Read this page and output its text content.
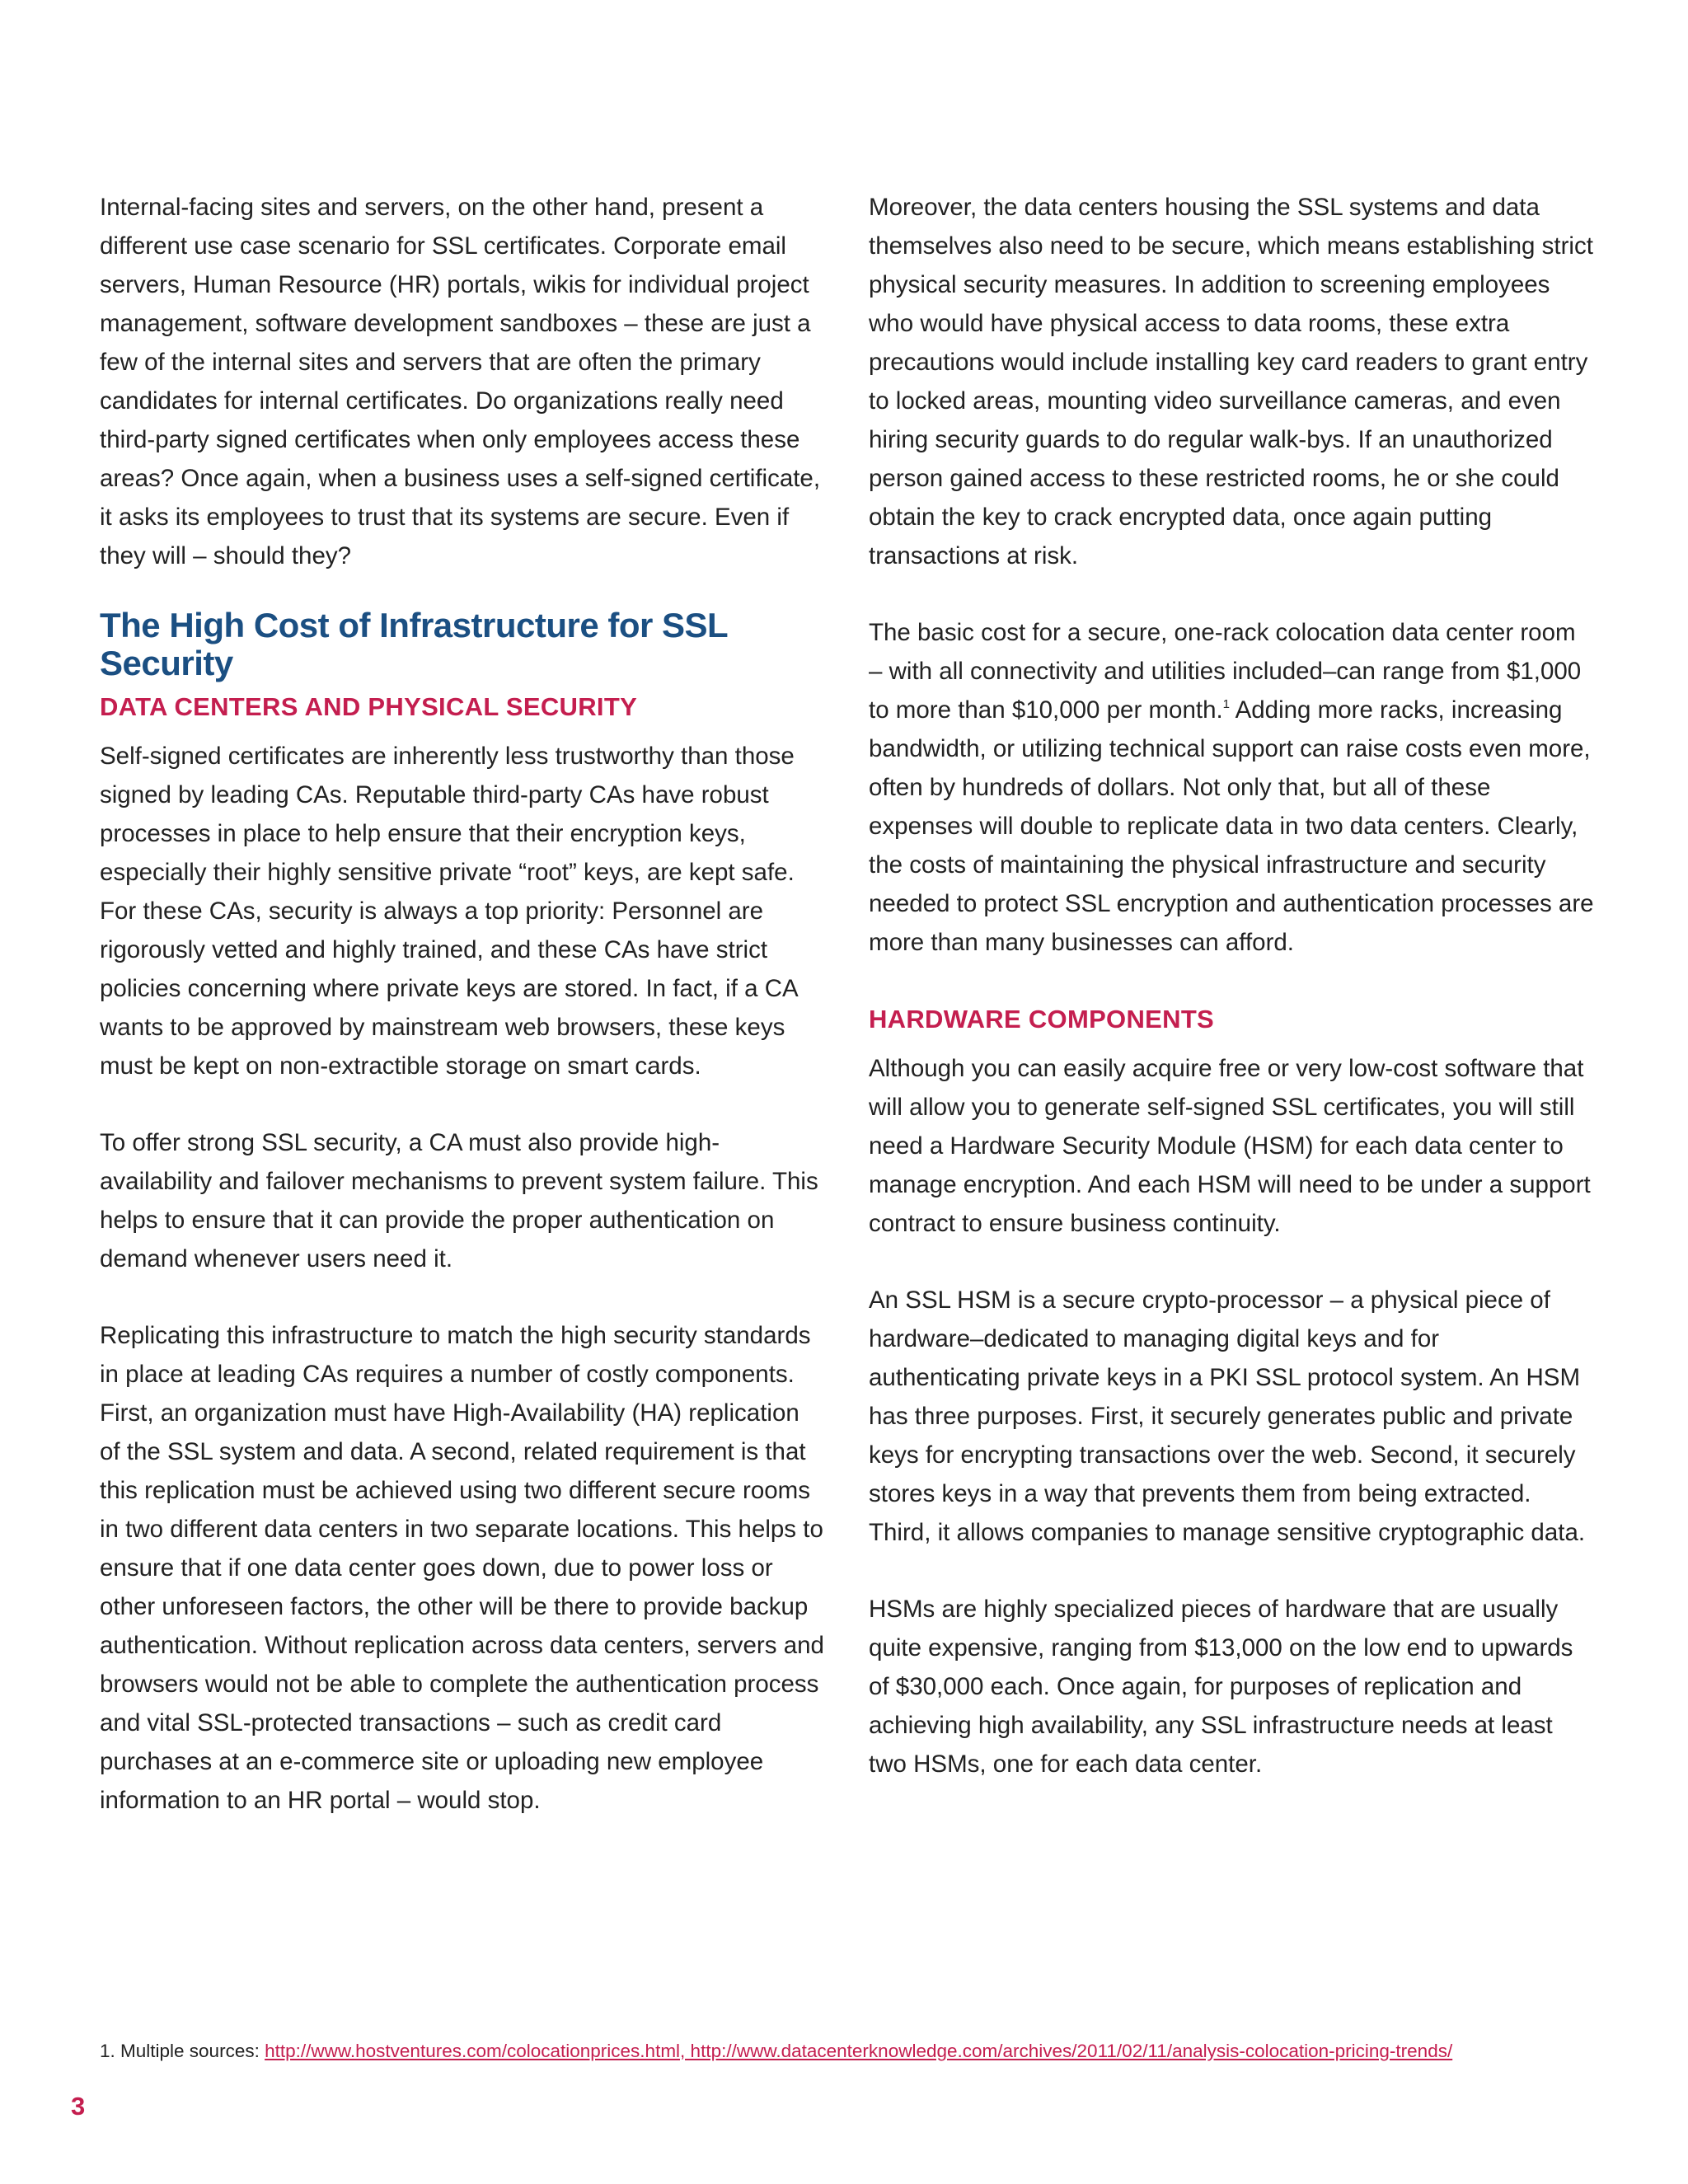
Internal-facing sites and servers, on the other hand, present a different use case scenario for SSL certificates. Corporate email servers, Human Resource (HR) portals, wikis for individual project management, software development sandboxes – these are just a few of the internal sites and servers that are often the primary candidates for internal certificates. Do organizations really need third-party signed certificates when only employees access these areas? Once again, when a business uses a self-signed certificate, it asks its employees to trust that its systems are secure. Even if they will – should they?

The High Cost of Infrastructure for SSL Security
DATA CENTERS AND PHYSICAL SECURITY

Self-signed certificates are inherently less trustworthy than those signed by leading CAs. Reputable third-party CAs have robust processes in place to help ensure that their encryption keys, especially their highly sensitive private “root” keys, are kept safe. For these CAs, security is always a top priority: Personnel are rigorously vetted and highly trained, and these CAs have strict policies concerning where private keys are stored. In fact, if a CA wants to be approved by mainstream web browsers, these keys must be kept on non-extractible storage on smart cards.

To offer strong SSL security, a CA must also provide high-availability and failover mechanisms to prevent system failure. This helps to ensure that it can provide the proper authentication on demand whenever users need it.

Replicating this infrastructure to match the high security standards in place at leading CAs requires a number of costly components. First, an organization must have High-Availability (HA) replication of the SSL system and data. A second, related requirement is that this replication must be achieved using two different secure rooms in two different data centers in two separate locations. This helps to ensure that if one data center goes down, due to power loss or other unforeseen factors, the other will be there to provide backup authentication. Without replication across data centers, servers and browsers would not be able to complete the authentication process and vital SSL-protected transactions – such as credit card purchases at an e-commerce site or uploading new employee information to an HR portal – would stop.

Moreover, the data centers housing the SSL systems and data themselves also need to be secure, which means establishing strict physical security measures. In addition to screening employees who would have physical access to data rooms, these extra precautions would include installing key card readers to grant entry to locked areas, mounting video surveillance cameras, and even hiring security guards to do regular walk-bys. If an unauthorized person gained access to these restricted rooms, he or she could obtain the key to crack encrypted data, once again putting transactions at risk.

The basic cost for a secure, one-rack colocation data center room – with all connectivity and utilities included–can range from $1,000 to more than $10,000 per month.$^1$ Adding more racks, increasing bandwidth, or utilizing technical support can raise costs even more, often by hundreds of dollars. Not only that, but all of these expenses will double to replicate data in two data centers. Clearly, the costs of maintaining the physical infrastructure and security needed to protect SSL encryption and authentication processes are more than many businesses can afford.

HARDWARE COMPONENTS

Although you can easily acquire free or very low-cost software that will allow you to generate self-signed SSL certificates, you will still need a Hardware Security Module (HSM) for each data center to manage encryption. And each HSM will need to be under a support contract to ensure business continuity.

An SSL HSM is a secure crypto-processor – a physical piece of hardware–dedicated to managing digital keys and for authenticating private keys in a PKI SSL protocol system. An HSM has three purposes. First, it securely generates public and private keys for encrypting transactions over the web. Second, it securely stores keys in a way that prevents them from being extracted. Third, it allows companies to manage sensitive cryptographic data.

HSMs are highly specialized pieces of hardware that are usually quite expensive, ranging from $13,000 on the low end to upwards of $30,000 each. Once again, for purposes of replication and achieving high availability, any SSL infrastructure needs at least two HSMs, one for each data center.

1. Multiple sources: http://www.hostventures.com/colocationprices.html, http://www.datacenterknowledge.com/archives/2011/02/11/analysis-colocation-pricing-trends/
3
